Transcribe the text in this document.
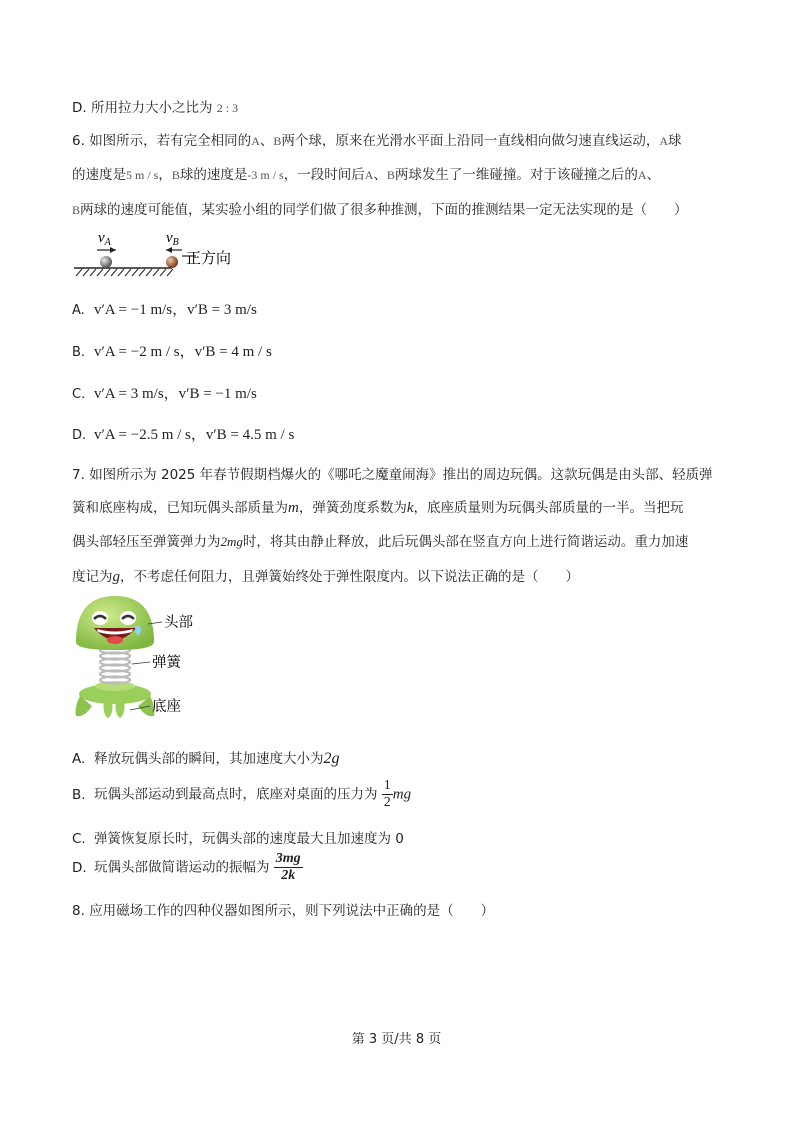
D. 所用拉力大小之比为 2 : 3
6. 如图所示，若有完全相同的A、B两个球，原来在光滑水平面上沿同一直线相向做匀速直线运动，A球
的速度是5 m / s，B球的速度是-3 m / s，一段时间后A、B两球发生了一维碰撞。对于该碰撞之后的A、
B两球的速度可能值，某实验小组的同学们做了很多种推测，下面的推测结果一定无法实现的是（　　）
$v_A$	$v_B$
正方向
A. v′A = −1 m/s，v′B = 3 m/s
B. v′A = −2 m / s，v′B = 4 m / s
C. v′A = 3 m/s，v′B = −1 m/s
D. v′A = −2.5 m / s，v′B = 4.5 m / s
7. 如图所示为 2025 年春节假期档爆火的《哪吒之魔童闹海》推出的周边玩偶。这款玩偶是由头部、轻质弹
簧和底座构成，已知玩偶头部质量为m，弹簧劲度系数为k，底座质量则为玩偶头部质量的一半。当把玩
偶头部轻压至弹簧弹力为2mg时，将其由静止释放，此后玩偶头部在竖直方向上进行简谐运动。重力加速
度记为g，不考虑任何阻力，且弹簧始终处于弹性限度内。以下说法正确的是（　　）
头部
弹簧
底座
A. 释放玩偶头部的瞬间，其加速度大小为2g
B. 玩偶头部运动到最高点时，底座对桌面的压力为 $\frac{1}{2}$ mg
C. 弹簧恢复原长时，玩偶头部的速度最大且加速度为 0
D. 玩偶头部做简谐运动的振幅为 $\frac{3mg}{2k}$
8. 应用磁场工作的四种仪器如图所示，则下列说法中正确的是（　　）
第 3 页/共 8 页
